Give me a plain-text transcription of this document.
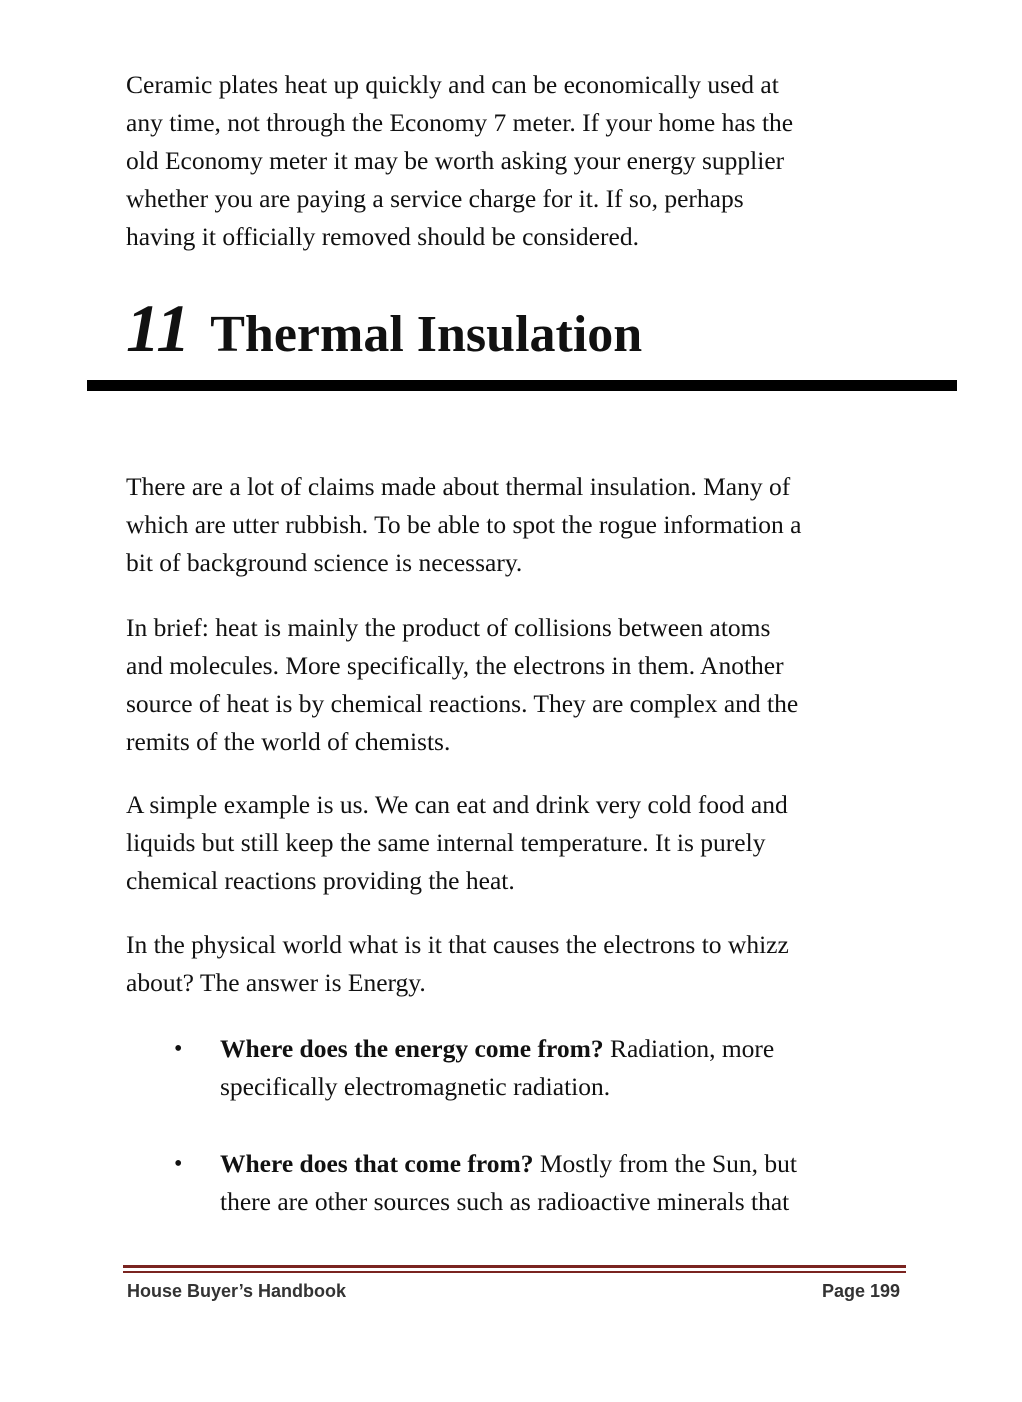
Ceramic plates heat up quickly and can be economically used at
any time, not through the Economy 7 meter. If your home has the
old Economy meter it may be worth asking your energy supplier
whether you are paying a service charge for it. If so, perhaps
having it officially removed should be considered.

11 Thermal Insulation

There are a lot of claims made about thermal insulation. Many of
which are utter rubbish. To be able to spot the rogue information a
bit of background science is necessary.

In brief: heat is mainly the product of collisions between atoms
and molecules. More specifically, the electrons in them. Another
source of heat is by chemical reactions. They are complex and the
remits of the world of chemists.

A simple example is us. We can eat and drink very cold food and
liquids but still keep the same internal temperature. It is purely
chemical reactions providing the heat.

In the physical world what is it that causes the electrons to whizz
about? The answer is Energy.

• Where does the energy come from? Radiation, more
specifically electromagnetic radiation.
• Where does that come from? Mostly from the Sun, but
there are other sources such as radioactive minerals that
House Buyer’s Handbook	Page 199
